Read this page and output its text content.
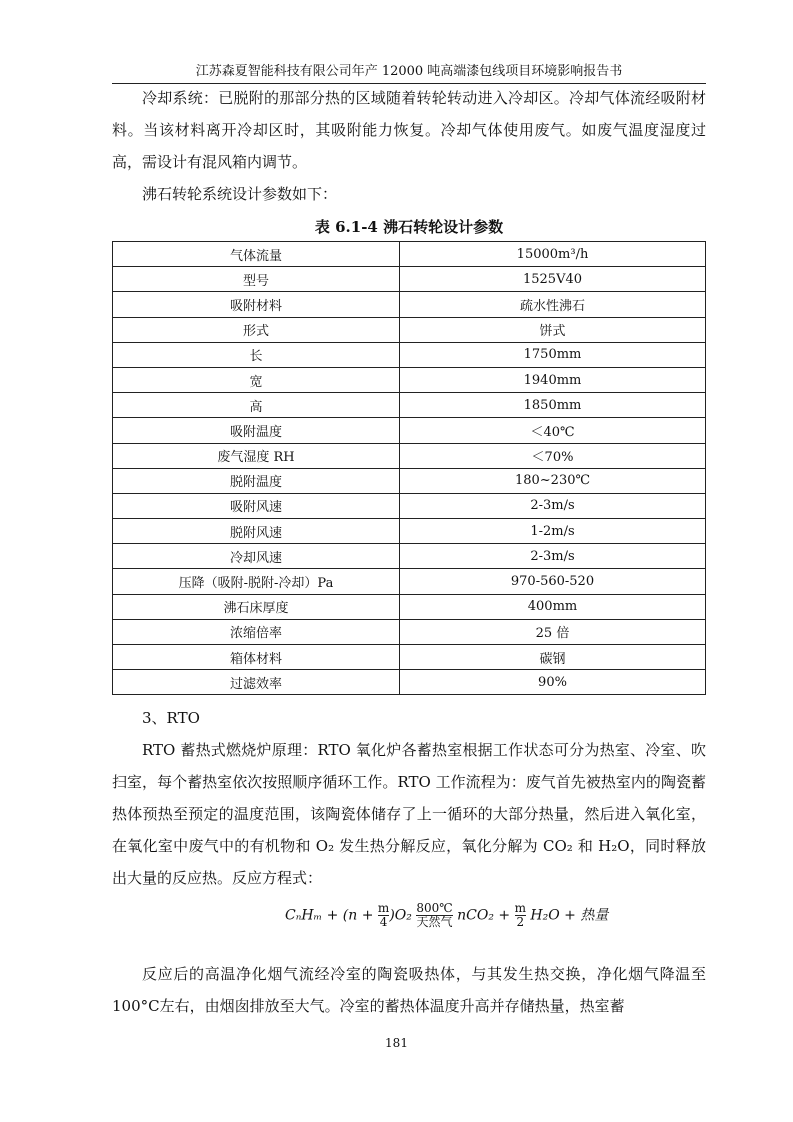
江苏森夏智能科技有限公司年产 12000 吨高端漆包线项目环境影响报告书
冷却系统：已脱附的那部分热的区域随着转轮转动进入冷却区。冷却气体流经吸附材料。当该材料离开冷却区时，其吸附能力恢复。冷却气体使用废气。如废气温度湿度过高，需设计有混风箱内调节。
沸石转轮系统设计参数如下：
表 6.1-4 沸石转轮设计参数
气体流量	15000m³/h
型号	1525V40
吸附材料	疏水性沸石
形式	饼式
长	1750mm
宽	1940mm
高	1850mm
吸附温度	＜40℃
废气湿度 RH	＜70%
脱附温度	180~230℃
吸附风速	2-3m/s
脱附风速	1-2m/s
冷却风速	2-3m/s
压降（吸附-脱附-冷却）Pa	970-560-520
沸石床厚度	400mm
浓缩倍率	25 倍
箱体材料	碳钢
过滤效率	90%
3、RTO
RTO 蓄热式燃烧炉原理：RTO 氧化炉各蓄热室根据工作状态可分为热室、冷室、吹扫室，每个蓄热室依次按照顺序循环工作。RTO 工作流程为：废气首先被热室内的陶瓷蓄热体预热至预定的温度范围，该陶瓷体储存了上一循环的大部分热量，然后进入氧化室，在氧化室中废气中的有机物和 O₂ 发生热分解反应，氧化分解为 CO₂ 和 H₂O，同时释放出大量的反应热。反应方程式：
$C_nH_m + (n + \frac{m}{4} )O_2 \frac{800℃}{\text{天然气}} nCO_2 + \frac{m}{2} H_2O$ + 热量
反应后的高温净化烟气流经冷室的陶瓷吸热体，与其发生热交换，净化烟气降温至 100°C左右，由烟囱排放至大气。冷室的蓄热体温度升高并存储热量，热室蓄
181
